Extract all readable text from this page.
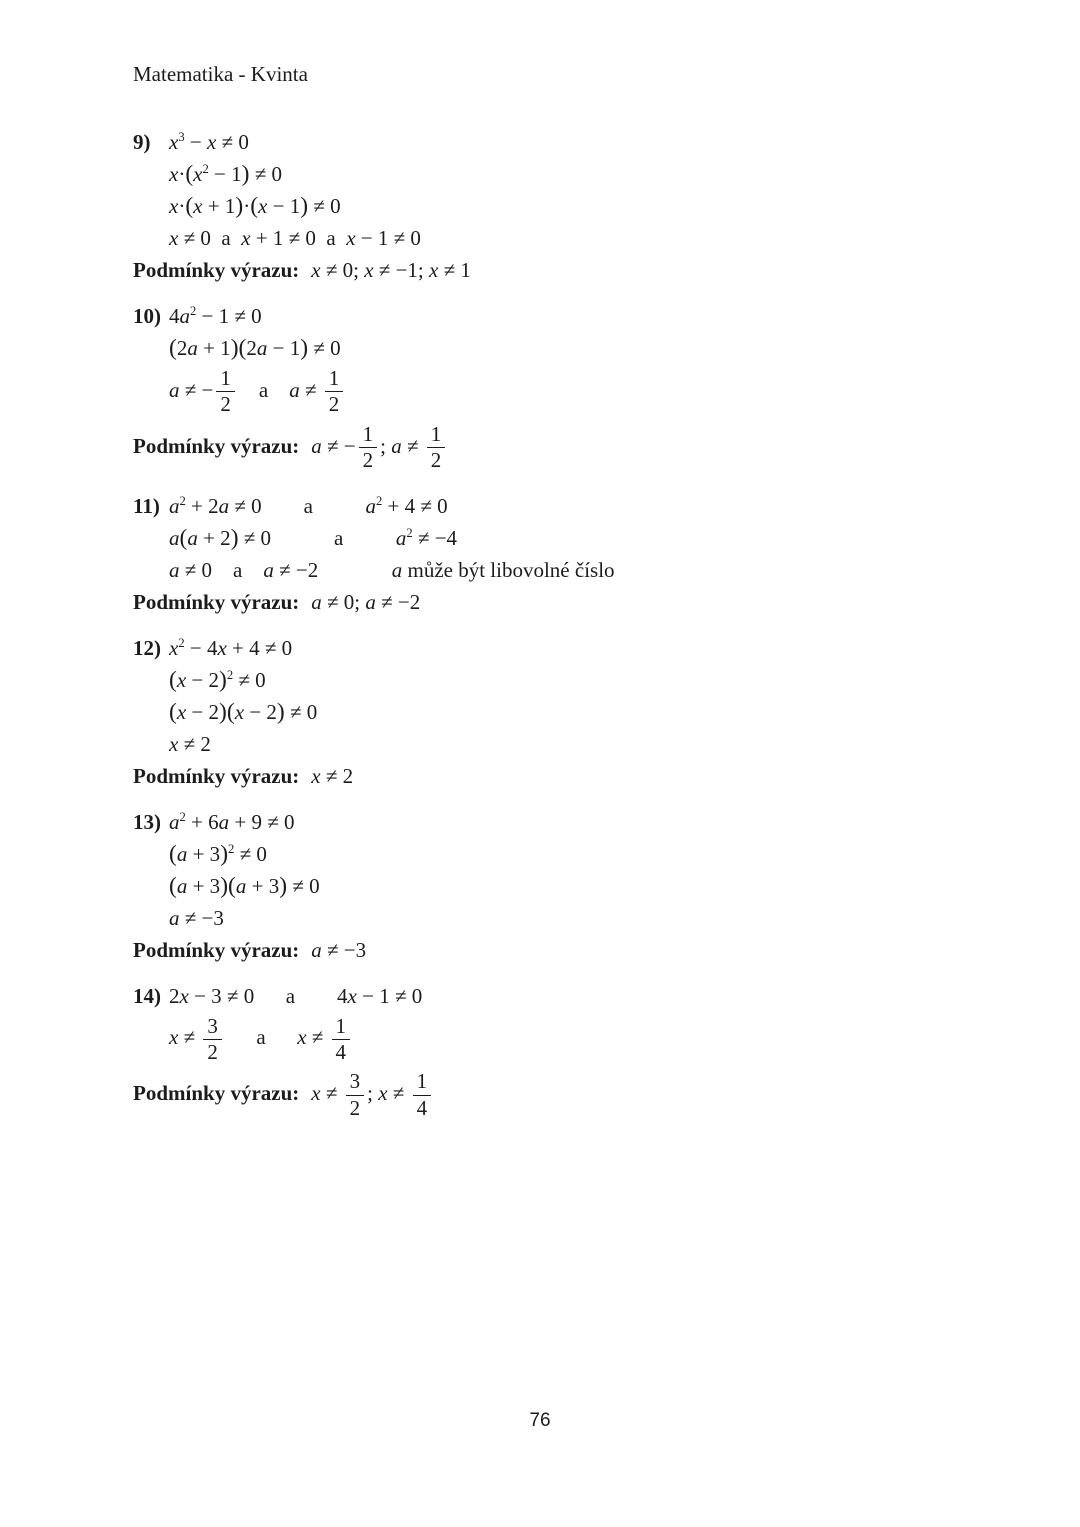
Matematika - Kvinta
9) $x^3 - x \ne 0$
$x\cdot(x^2 - 1) \ne 0$
x·(x + 1)·(x − 1) ≠ 0
x ≠ 0 a x + 1 ≠ 0 a x − 1 ≠ 0
Podmínky výrazu: x ≠ 0; x ≠ −1; x ≠ 1
10) $4a^2 - 1 \ne 0$
(2a + 1)(2a − 1) ≠ 0
a ≠ − $\frac{1}{2}$  a $a \ne \frac{1}{2}$
Podmínky výrazu: a ≠ − $\frac{1}{2}$ ; $a \ne \frac{1}{2}$
11) $a^2 + 2a \ne 0$  a   $a^2 + 4 \ne 0$
a(a + 2) ≠ 0   a   $a^2 \ne -4$
a ≠ 0  a  a ≠ −2    a může být libovolné číslo
Podmínky výrazu: a ≠ 0; a ≠ −2
12) $x^2 - 4x + 4 \ne 0$
$(x - 2)^2 \ne 0$
(x − 2)(x − 2) ≠ 0
x ≠ 2
Podmínky výrazu: x ≠ 2
13) $a^2 + 6a + 9 \ne 0$
$(a + 3)^2 \ne 0$
(a + 3)(a + 3) ≠ 0
a ≠ −3
Podmínky výrazu: a ≠ −3
14) 2x − 3 ≠ 0  a  4x − 1 ≠ 0
$x \ne \frac{3}{2}$   a  $x \ne \frac{1}{4}$
Podmínky výrazu: $x \ne \frac{3}{2}$ ; $x \ne \frac{1}{4}$
76
